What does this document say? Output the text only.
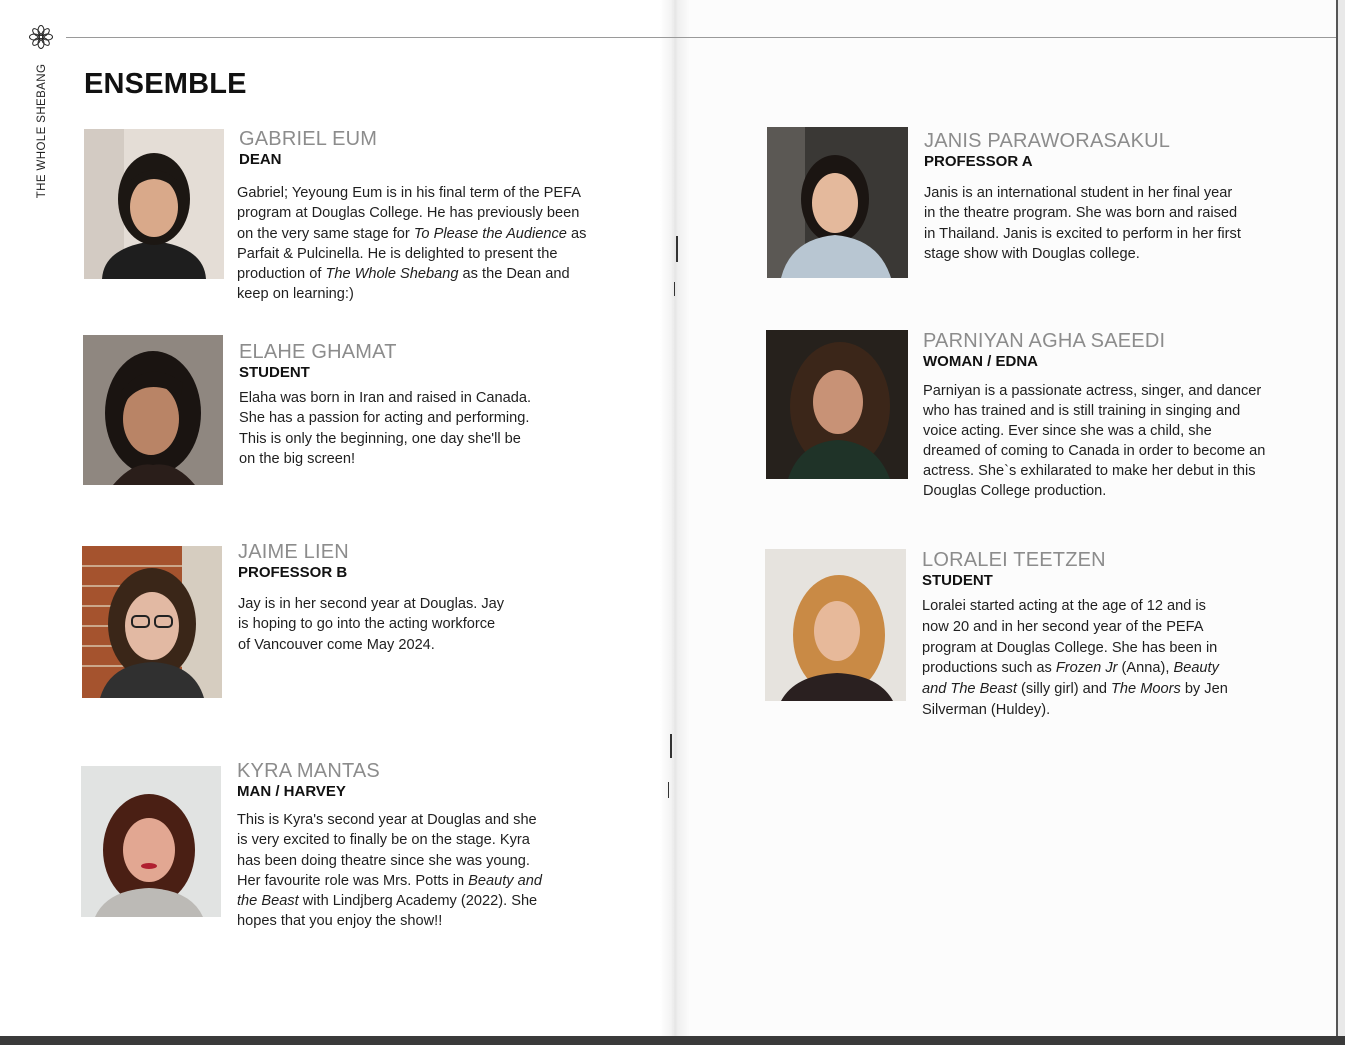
THE WHOLE SHEBANG ENSEMBLE
GABRIEL EUM
DEAN
Gabriel; Yeyoung Eum is in his final term of the PEFA
program at Douglas College. He has previously been
on the very same stage for To Please the Audience as
Parfait & Pulcinella. He is delighted to present the
production of The Whole Shebang as the Dean and
keep on learning:)
ELAHE GHAMAT
STUDENT
Elaha was born in Iran and raised in Canada.
She has a passion for acting and performing.
This is only the beginning, one day she'll be
on the big screen!
JAIME LIEN
PROFESSOR B
Jay is in her second year at Douglas. Jay
is hoping to go into the acting workforce
of Vancouver come May 2024.
KYRA MANTAS
MAN / HARVEY
This is Kyra's second year at Douglas and she
is very excited to finally be on the stage. Kyra
has been doing theatre since she was young.
Her favourite role was Mrs. Potts in Beauty and
the Beast with Lindjberg Academy (2022). She
hopes that you enjoy the show!!
JANIS PARAWORASAKUL
PROFESSOR A
Janis is an international student in her final year
in the theatre program. She was born and raised
in Thailand. Janis is excited to perform in her first
stage show with Douglas college.
PARNIYAN AGHA SAEEDI
WOMAN / EDNA
Parniyan is a passionate actress, singer, and dancer
who has trained and is still training in singing and
voice acting. Ever since she was a child, she
dreamed of coming to Canada in order to become an
actress. She`s exhilarated to make her debut in this
Douglas College production.
LORALEI TEETZEN
STUDENT
Loralei started acting at the age of 12 and is
now 20 and in her second year of the PEFA
program at Douglas College. She has been in
productions such as Frozen Jr (Anna), Beauty
and The Beast (silly girl) and The Moors by Jen
Silverman (Huldey).
